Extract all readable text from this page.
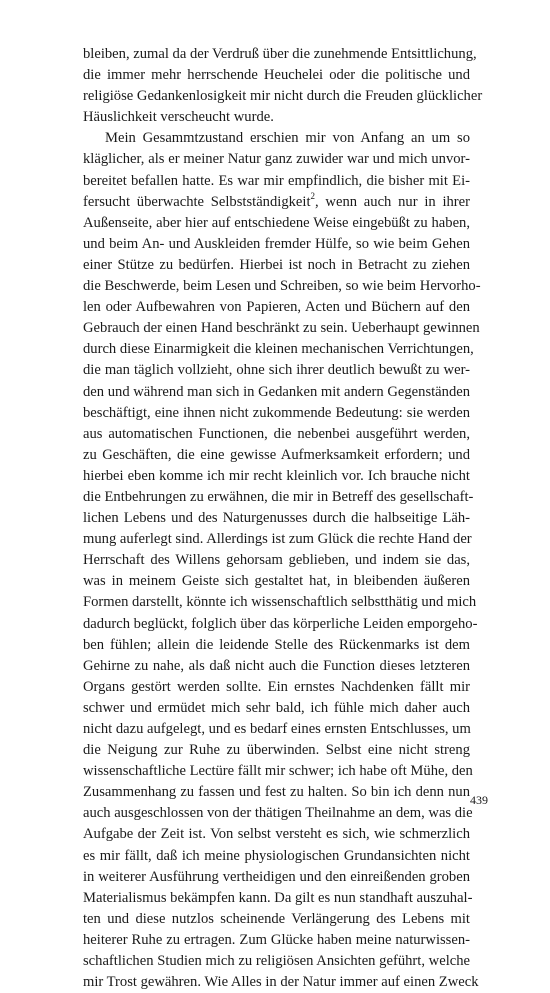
bleiben, zumal da der Verdruß über die zunehmende Entsittlichung,
die immer mehr herrschende Heuchelei oder die politische und
religiöse Gedankenlosigkeit mir nicht durch die Freuden glücklicher
Häuslichkeit verscheucht wurde.
Mein Gesammtzustand erschien mir von Anfang an um so
kläglicher, als er meiner Natur ganz zuwider war und mich unvor-
bereitet befallen hatte. Es war mir empfindlich, die bisher mit Ei-
fersucht überwachte Selbstständigkeit$^2$, wenn auch nur in ihrer
Außenseite, aber hier auf entschiedene Weise eingebüßt zu haben,
und beim An- und Auskleiden fremder Hülfe, so wie beim Gehen
einer Stütze zu bedürfen. Hierbei ist noch in Betracht zu ziehen
die Beschwerde, beim Lesen und Schreiben, so wie beim Hervorho-
len oder Aufbewahren von Papieren, Acten und Büchern auf den
Gebrauch der einen Hand beschränkt zu sein. Ueberhaupt gewinnen
durch diese Einarmigkeit die kleinen mechanischen Verrichtungen,
die man täglich vollzieht, ohne sich ihrer deutlich bewußt zu wer-
den und während man sich in Gedanken mit andern Gegenständen
beschäftigt, eine ihnen nicht zukommende Bedeutung: sie werden
aus automatischen Functionen, die nebenbei ausgeführt werden,
zu Geschäften, die eine gewisse Aufmerksamkeit erfordern; und
hierbei eben komme ich mir recht kleinlich vor. Ich brauche nicht
die Entbehrungen zu erwähnen, die mir in Betreff des gesellschaft-
lichen Lebens und des Naturgenusses durch die halbseitige Läh-
mung auferlegt sind. Allerdings ist zum Glück die rechte Hand der
Herrschaft des Willens gehorsam geblieben, und indem sie das,
was in meinem Geiste sich gestaltet hat, in bleibenden äußeren
Formen darstellt, könnte ich wissenschaftlich selbstthätig und mich
dadurch beglückt, folglich über das körperliche Leiden emporgeho-
ben fühlen; allein die leidende Stelle des Rückenmarks ist dem
Gehirne zu nahe, als daß nicht auch die Function dieses letzteren
Organs gestört werden sollte. Ein ernstes Nachdenken fällt mir
schwer und ermüdet mich sehr bald, ich fühle mich daher auch
nicht dazu aufgelegt, und es bedarf eines ernsten Entschlusses, um
die Neigung zur Ruhe zu überwinden. Selbst eine nicht streng
wissenschaftliche Lectüre fällt mir schwer; ich habe oft Mühe, den
Zusammenhang zu fassen und fest zu halten. So bin ich denn nun
auch ausgeschlossen von der thätigen Theilnahme an dem, was die
Aufgabe der Zeit ist. Von selbst versteht es sich, wie schmerzlich
es mir fällt, daß ich meine physiologischen Grundansichten nicht
in weiterer Ausführung vertheidigen und den einreißenden groben
Materialismus bekämpfen kann. Da gilt es nun standhaft auszuhal-
ten und diese nutzlos scheinende Verlängerung des Lebens mit
heiterer Ruhe zu ertragen. Zum Glücke haben meine naturwissen-
schaftlichen Studien mich zu religiösen Ansichten geführt, welche
mir Trost gewähren. Wie Alles in der Natur immer auf einen Zweck
439
